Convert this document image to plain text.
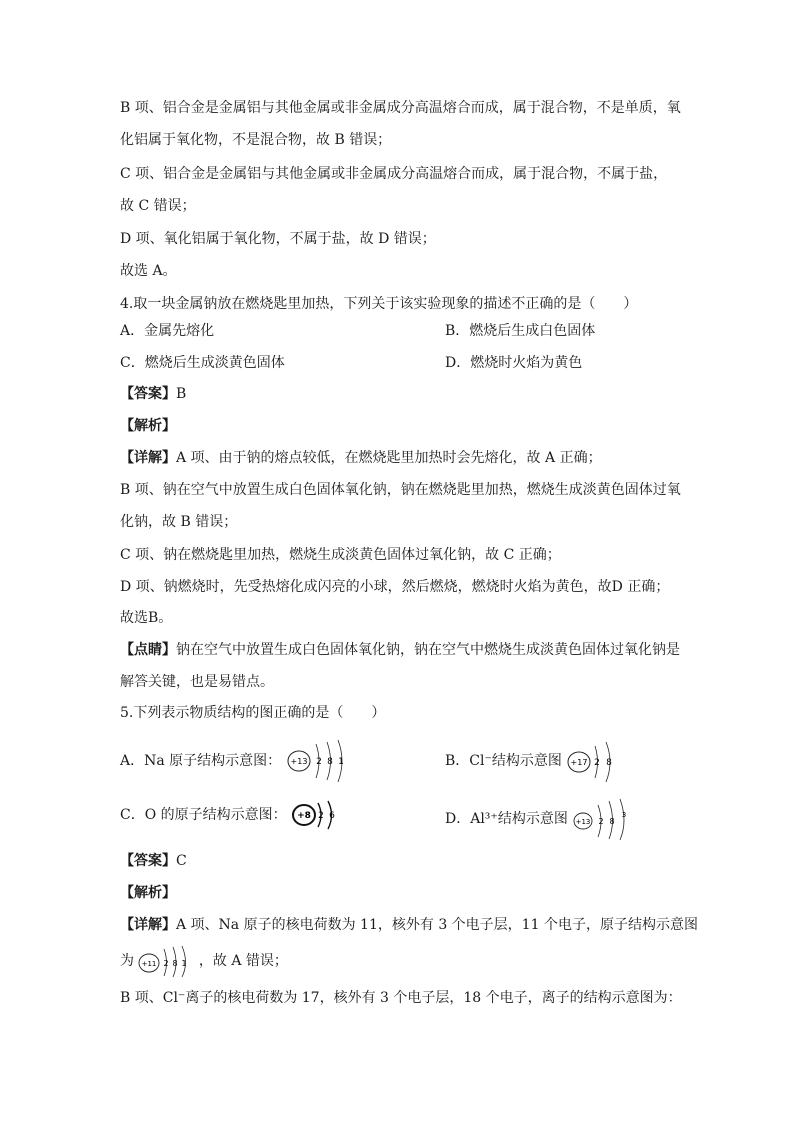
B 项、铝合金是金属铝与其他金属或非金属成分高温熔合而成，属于混合物，不是单质，氧
化铝属于氧化物，不是混合物，故 B 错误；
C 项、铝合金是金属铝与其他金属或非金属成分高温熔合而成，属于混合物，不属于盐，
故 C 错误；
D 项、氧化铝属于氧化物，不属于盐，故 D 错误；
故选 A。
4.取一块金属钠放在燃烧匙里加热，下列关于该实验现象的描述不正确的是（　　）
A．金属先熔化	B．燃烧后生成白色固体
C．燃烧后生成淡黄色固体	D．燃烧时火焰为黄色
【答案】B
【解析】
【详解】A 项、由于钠的熔点较低，在燃烧匙里加热时会先熔化，故 A 正确；
B 项、钠在空气中放置生成白色固体氧化钠，钠在燃烧匙里加热，燃烧生成淡黄色固体过氧
化钠，故 B 错误；
C 项、钠在燃烧匙里加热，燃烧生成淡黄色固体过氧化钠，故 C 正确；
D 项、钠燃烧时，先受热熔化成闪亮的小球，然后燃烧，燃烧时火焰为黄色，故D 正确；
故选B。
【点睛】钠在空气中放置生成白色固体氧化钠，钠在空气中燃烧生成淡黄色固体过氧化钠是
解答关键，也是易错点。
5.下列表示物质结构的图正确的是（　　）
A．Na 原子结构示意图： +13 2 8 1	B．Cl⁻结构示意图 +17 2 8
C．O 的原子结构示意图： +8 2 6	D．Al³⁺结构示意图 +13 2 8
3
【答案】C
【解析】
【详解】A 项、Na 原子的核电荷数为 11，核外有 3 个电子层，11 个电子，原子结构示意图
为 +11 2 8 1 ，故 A 错误；
B 项、Cl⁻离子的核电荷数为 17，核外有 3 个电子层，18 个电子，离子的结构示意图为：
